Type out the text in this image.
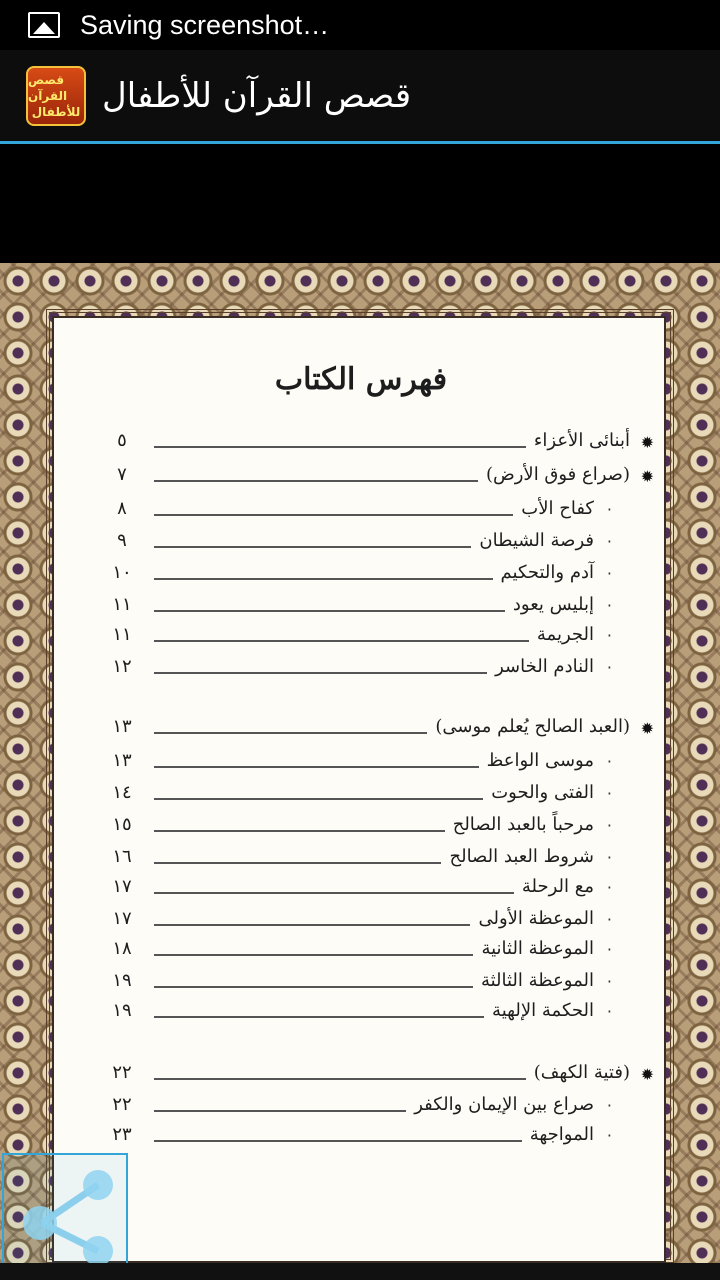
Saving screenshot…
قصص القرآن
للأطفال قصص القرآن للأطفال
فهرس الكتاب
✹
أبنائى الأعزاء
٥
✹
(صراع فوق الأرض)
٧
·
كفاح الأب
٨
·
فرصة الشيطان
٩
·
آدم والتحكيم
١٠
·
إبليس يعود
١١
·
الجريمة
١١
·
النادم الخاسر
١٢
✹
(العبد الصالح يُعلم موسى)
١٣
·
موسى الواعظ
١٣
·
الفتى والحوت
١٤
·
مرحباً بالعبد الصالح
١٥
·
شروط العبد الصالح
١٦
·
مع الرحلة
١٧
·
الموعظة الأولى
١٧
·
الموعظة الثانية
١٨
·
الموعظة الثالثة
١٩
·
الحكمة الإلهية
١٩
✹
(فتية الكهف)
٢٢
·
صراع بين الإيمان والكفر
٢٢
·
المواجهة
٢٣
